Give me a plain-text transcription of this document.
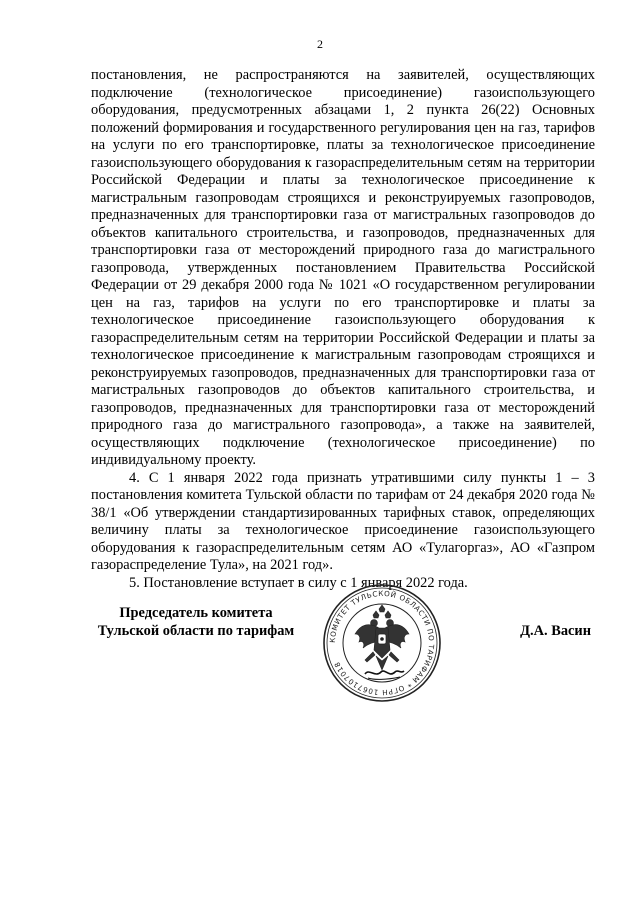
2

постановления, не распространяются на заявителей, осуществляющих подключение (технологическое присоединение) газоиспользующего оборудования, предусмотренных абзацами 1, 2 пункта 26(22) Основных положений формирования и государственного регулирования цен на газ, тарифов на услуги по его транспортировке, платы за технологическое присоединение газоиспользующего оборудования к газораспределительным сетям на территории Российской Федерации и платы за технологическое присоединение к магистральным газопроводам строящихся и реконструируемых газопроводов, предназначенных для транспортировки газа от магистральных газопроводов до объектов капитального строительства, и газопроводов, предназначенных для транспортировки газа от месторождений природного газа до магистрального газопровода, утвержденных постановлением Правительства Российской Федерации от 29 декабря 2000 года № 1021 «О государственном регулировании цен на газ, тарифов на услуги по его транспортировке и платы за технологическое присоединение газоиспользующего оборудования к газораспределительным сетям на территории Российской Федерации и платы за технологическое присоединение к магистральным газопроводам строящихся и реконструируемых газопроводов, предназначенных для транспортировки газа от магистральных газопроводов до объектов капитального строительства, и газопроводов, предназначенных для транспортировки газа от месторождений природного газа до магистрального газопровода», а также на заявителей, осуществляющих подключение (технологическое присоединение) по индивидуальному проекту.

4. С 1 января 2022 года признать утратившими силу пункты 1 – 3 постановления комитета Тульской области по тарифам от 24 декабря 2020 года № 38/1 «Об утверждении стандартизированных тарифных ставок, определяющих величину платы за технологическое присоединение газоиспользующего оборудования к газораспределительным сетям АО «Тулагоргаз», АО «Газпром газораспределение Тула», на 2021 год».

5. Постановление вступает в силу с 1 января 2022 года.

Председатель комитета
Тульской области по тарифам
КОМИТЕТ ТУЛЬСКОЙ ОБЛАСТИ ПО ТАРИФАМ * ОГРН 1067107018
Д.А. Васин
